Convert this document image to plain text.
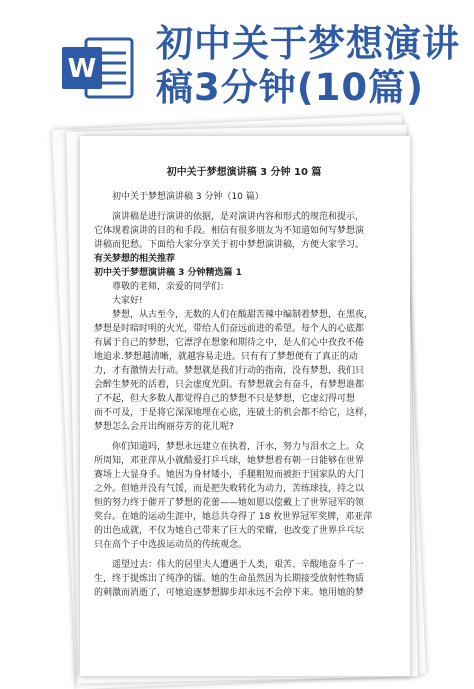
W
初中关于梦想演讲
稿3分钟(10篇)
初中关于梦想演讲稿 3 分钟 10 篇
初中关于梦想演讲稿 3 分钟（10 篇）
演讲稿是进行演讲的依据，是对演讲内容和形式的规范和提示，
它体现着演讲的目的和手段。相信有很多朋友为不知道如何写梦想演
讲稿而犯愁。下面给大家分享关于初中梦想演讲稿，方便大家学习。
有关梦想的相关推荐
初中关于梦想演讲稿 3 分钟精选篇 1
尊敬的老师，亲爱的同学们：
大家好!
梦想，从古至今，无数的人们在酸甜苦辣中编制着梦想，在黑夜，
梦想是时暗时明的火光，带给人们奋远前进的希望。每个人的心底都
有属于自己的梦想，它漂浮在想象和期待之中，是人们心中孜孜不倦
地追求.梦想越清晰，就越容易走进。只有有了梦想便有了真正的动
力，才有激情去行动。梦想就是我们行动的指南，没有梦想，我们只
会醉生梦死的活着，只会虚度光阴。有梦想就会有奋斗，有梦想谁都
了不起，但大多数人都觉得自己的梦想不只是梦想，它虚幻得可想
而不可及，于是将它深深地埋在心底，连破土的机会都不给它，这样，
梦想怎么会开出绚丽芬芳的花儿呢?
你们知道吗，梦想永远建立在执着，汗水，努力与泪水之上。众
所周知，邓亚萍从小就酷爱打乒乓球，她梦想着有朝一日能够在世界
赛场上大显身手。她因为身材矮小，手腿粗短而被拒于国家队的大门
之外。但她并没有气馁，而是把失败转化为动力，苦练球技，持之以
恒的努力终于催开了梦想的花蕾——她如愿以偿戴上了世界冠军的领
奖台。在她的运动生涯中，她总共夺得了 18 枚世界冠军奖牌，邓亚萍
的出色成就，不仅为她自己带来了巨大的荣耀，也改变了世界乒乓坛
只在高个子中选拔运动员的传统观念。
遥望过去：伟大的居里夫人遭遇于人类，艰苦、辛酸地奋斗了一
生，终于提炼出了纯净的镭。她的生命虽然因为长期接受放射性物质
的刺激而消逝了，可她追逐梦想脚步却永远不会停下来。她用她的梦
